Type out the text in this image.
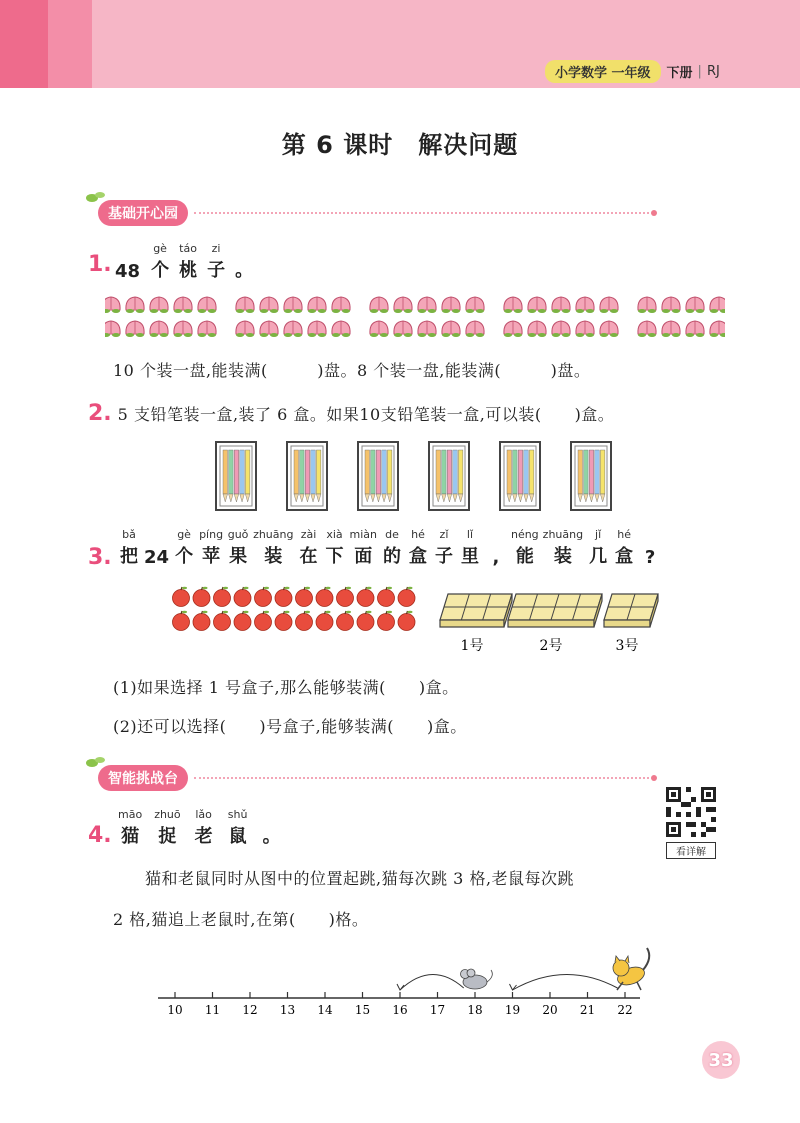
小学数学 一年级	下册 | RJ
第 6 课时　解决问题
基础开心园
1. 48
gè
个
táo
桃
zi
子 。
10 个装一盘,能装满(　　　)盘。8 个装一盘,能装满(　　　)盘。
2. 5 支铅笔装一盒,装了 6 盒。如果10支铅笔装一盒,可以装(　　)盒。
3.
bǎ
把 24
gè
个
píng
苹
guǒ
果
zhuāng
装
zài
在
xià
下
miàn
面
de
的
hé
盒
zǐ
子
lǐ
里 ,
néng
能
zhuāng
装
jǐ
几
hé
盒 ?
1号	2号	3号
(1)如果选择 1 号盒子,那么能够装满(　　)盒。
(2)还可以选择(　　)号盒子,能够装满(　　)盒。
智能挑战台
4.
māo
猫
zhuō
捉
lǎo
老
shǔ
鼠 。
看详解
猫和老鼠同时从图中的位置起跳,猫每次跳 3 格,老鼠每次跳
2 格,猫追上老鼠时,在第(　　)格。
10 11 12 13 14 15 16 17 18 19 20 21 22
33
